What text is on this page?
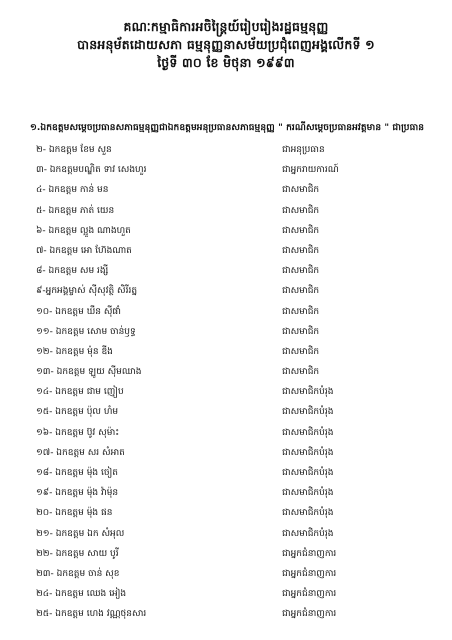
គណៈកម្មាធិការអចិន្ត្រៃយ៍រៀបរៀងរដ្ឋធម្មនុញ្ញ
បានអនុម័តដោយសភា ធម្មនុញ្ញនាសម័យប្រជុំពេញអង្គលើកទី ១
ថ្ងៃទី ៣០ ខែ មិថុនា ១៩៩៣
១.ឯកឧត្តមសម្តេចប្រធានសភាធម្មនុញ្ញជាឯកឧត្តមអនុប្រធានសភាធម្មនុញ្ញ " ករណីសម្តេចប្រធានអវត្តមាន " ជាប្រធាន
២- ឯកឧត្តម ខែម សួន	ជាអនុប្រធាន
៣- ឯកឧត្តមបណ្ឌិត ទាវ សេងហួរ	ជាអ្នករាយការណ៍
៤- ឯកឧត្តម កាន់ មន	ជាសមាជិក
៥- ឯកឧត្តម ភាត់ យេន	ជាសមាជិក
៦- ឯកឧត្តម ល្អួង ណាងហួត	ជាសមាជិក
៧- ឯកឧត្តម អោ ហ៊ែងណាត	ជាសមាជិក
៨- ឯកឧត្តម សម រង្សី	ជាសមាជិក
៩-អ្នកអង្គម្ចាស់ ស៊ីសុវត្ថិ សិរីរត្ន	ជាសមាជិក
១០- ឯកឧត្តម ឃឹន ស៊ីផាំ	ជាសមាជិក
១១- ឯកឧត្តម សោម ចាន់ឫទ្ធ	ជាសមាជិក
១២- ឯកឧត្តម ម៉ុន ឌីង	ជាសមាជិក
១៣- ឯកឧត្តម ឡូយ ស៊ីមឈាង	ជាសមាជិក
១៤- ឯកឧត្តម ជាម ញៀប	ជាសមាជិកបំរុង
១៥- ឯកឧត្តម ប៉ុល ហំម	ជាសមាជិកបំរុង
១៦- ឯកឧត្តម ប៊ូវ សុម៉ាះ	ជាសមាជិកបំរុង
១៧- ឯកឧត្តម សរ សំអាត	ជាសមាជិកបំរុង
១៨- ឯកឧត្តម ម៉ុង ចៀត	ជាសមាជិកបំរុង
១៩- ឯកឧត្តម ម៉ុង វ៉ាម៉ុន	ជាសមាជិកបំរុង
២០- ឯកឧត្តម ម៉ុង ផន	ជាសមាជិកបំរុង
២១- ឯកឧត្តម ឯក សំអុល	ជាសមាជិកបំរុង
២២- ឯកឧត្តម សាយ បូរី	ជាអ្នកជំនាញការ
២៣- ឯកឧត្តម ចាន់ សុខ	ជាអ្នកជំនាញការ
២៤- ឯកឧត្តម ឈេង អៀង	ជាអ្នកជំនាញការ
២៥- ឯកឧត្តម ហេង វណ្ណថុនសារ	ជាអ្នកជំនាញការ
